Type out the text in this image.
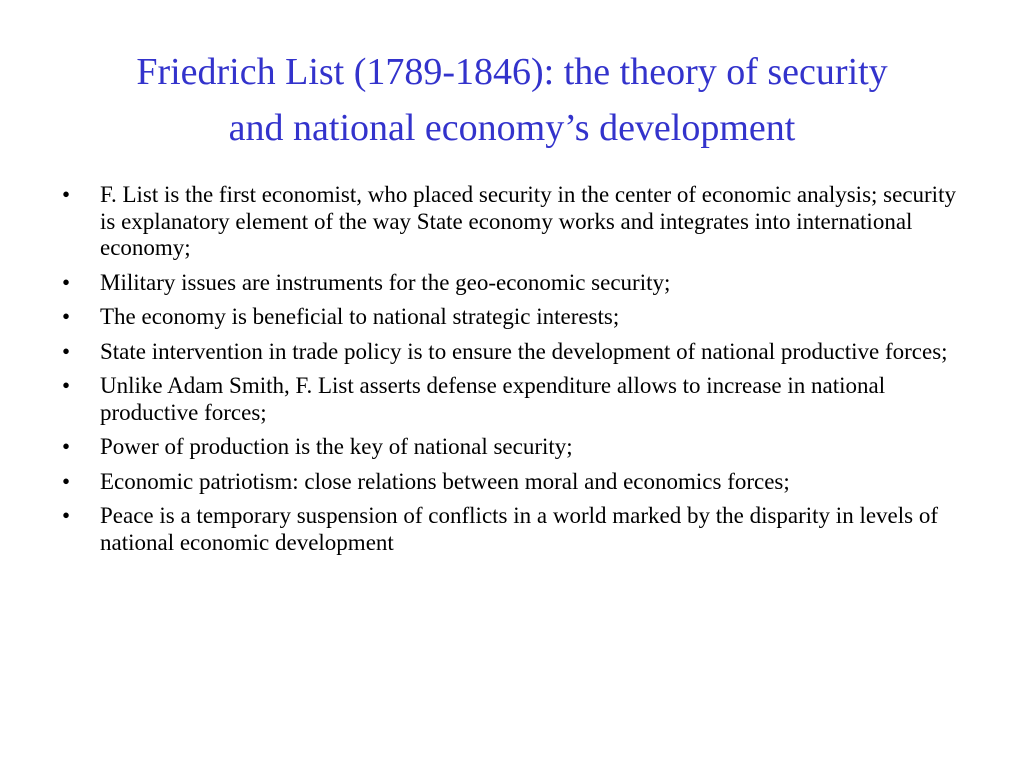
Friedrich List (1789-1846): the theory of security
and national economy’s development
• F. List is the first economist, who placed security in the center of economic analysis; security is explanatory element of the way State economy works and integrates into international economy;
• Military issues are instruments for the geo-economic security;
• The economy is beneficial to national strategic interests;
• State intervention in trade policy is to ensure the development of national productive forces;
• Unlike Adam Smith, F. List asserts defense expenditure allows to increase in national productive forces;
• Power of production is the key of national security;
• Economic patriotism: close relations between moral and economics forces;
• Peace is a temporary suspension of conflicts in a world marked by the disparity in levels of national economic development
